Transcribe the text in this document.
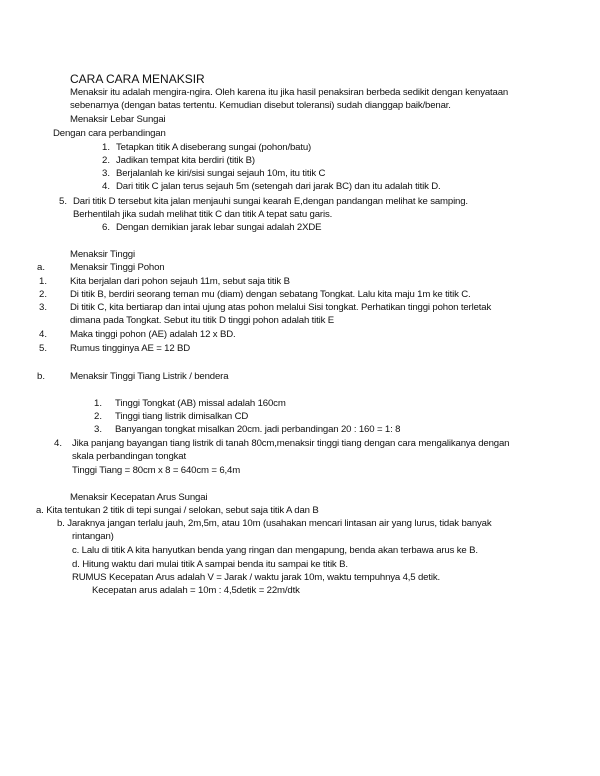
CARA CARA MENAKSIR
Menaksir itu adalah mengira-ngira. Oleh karena itu jika hasil penaksiran berbeda sedikit dengan kenyataan
sebenarnya (dengan batas tertentu. Kemudian disebut toleransi) sudah dianggap baik/benar.
Menaksir Lebar Sungai
Dengan cara perbandingan
1. Tetapkan titik A diseberang sungai (pohon/batu)
2. Jadikan tempat kita berdiri (titik B)
3. Berjalanlah ke kiri/sisi sungai sejauh 10m, itu titik C
4. Dari titik C jalan terus sejauh 5m (setengah dari jarak BC) dan itu adalah titik D.
5. Dari titik D tersebut kita jalan menjauhi sungai kearah E,dengan pandangan melihat ke samping.
Berhentilah jika sudah melihat titik C dan titik A tepat satu garis.
6. Dengan demikian jarak lebar sungai adalah 2XDE
Menaksir Tinggi
a.	Menaksir Tinggi Pohon
1. Kita berjalan dari pohon sejauh 11m, sebut saja titik B
2. Di titik B, berdiri seorang teman mu (diam) dengan sebatang Tongkat. Lalu kita maju 1m ke titik C.
3. Di titik C, kita bertiarap dan intai ujung atas pohon melalui Sisi tongkat. Perhatikan tinggi pohon terletak
dimana pada Tongkat. Sebut itu titik D tinggi pohon adalah titik E
4. Maka tinggi pohon (AE) adalah 12 x BD.
5. Rumus tingginya AE = 12 BD
b.	Menaksir Tinggi Tiang Listrik / bendera
1. Tinggi Tongkat (AB) missal adalah 160cm
2. Tinggi tiang listrik dimisalkan CD
3. Banyangan tongkat misalkan 20cm. jadi perbandingan 20 : 160 = 1: 8
4. Jika panjang bayangan tiang listrik di tanah 80cm,menaksir tinggi tiang dengan cara mengalikanya dengan
skala perbandingan tongkat
Tinggi Tiang = 80cm x 8 = 640cm = 6,4m
Menaksir Kecepatan Arus Sungai
a. Kita tentukan 2 titik di tepi sungai / selokan, sebut saja titik A dan B
b. Jaraknya jangan terlalu jauh, 2m,5m, atau 10m (usahakan mencari lintasan air yang lurus, tidak banyak
rintangan)
c. Lalu di titik A kita hanyutkan benda yang ringan dan mengapung, benda akan terbawa arus ke B.
d. Hitung waktu dari mulai titik A sampai benda itu sampai ke titik B.
RUMUS Kecepatan Arus adalah V = Jarak / waktu jarak 10m, waktu tempuhnya 4,5 detik.
Kecepatan arus adalah = 10m : 4,5detik = 22m/dtk
